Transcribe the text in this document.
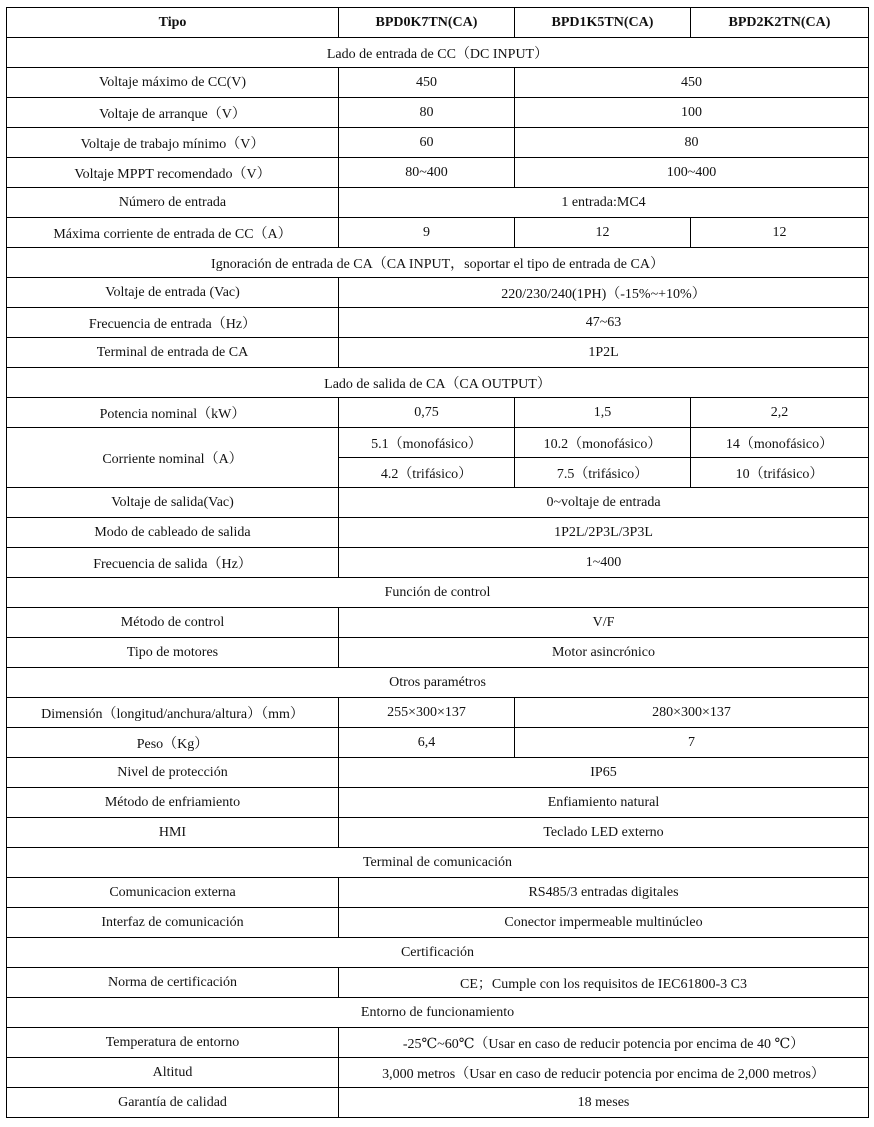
Tipo	BPD0K7TN(CA)	BPD1K5TN(CA)	BPD2K2TN(CA)
Lado de entrada de CC（DC INPUT）			
Voltaje máximo de CC(V)	450	450	
Voltaje de arranque（V）	80	100	
Voltaje de trabajo mínimo（V）	60	80	
Voltaje MPPT recomendado（V）	80~400	100~400	
Número de entrada	1 entrada:MC4		
Máxima corriente de entrada de CC（A）	9	12	12
Ignoración de entrada de CA（CA INPUT，soportar el tipo de entrada de CA）			
Voltaje de entrada (Vac)	220/230/240(1PH)（-15%~+10%）		
Frecuencia de entrada（Hz）	47~63		
Terminal de entrada de CA	1P2L		
Lado de salida de CA（CA OUTPUT）			
Potencia nominal（kW）	0,75	1,5	2,2
Corriente nominal（A）	5.1（monofásico）	10.2（monofásico）	14（monofásico）
	4.2（trifásico）	7.5（trifásico）	10（trifásico）
Voltaje de salida(Vac)	0~voltaje de entrada		
Modo de cableado de salida	1P2L/2P3L/3P3L		
Frecuencia de salida（Hz）	1~400		
Función de control			
Método de control	V/F		
Tipo de motores	Motor asincrónico		
Otros paramétros			
Dimensión（longitud/anchura/altura）（mm）	255×300×137	280×300×137	
Peso（Kg）	6,4	7	
Nivel de protección	IP65		
Método de enfriamiento	Enfiamiento natural		
HMI	Teclado LED externo		
Terminal de comunicación			
Comunicacion externa	RS485/3 entradas digitales		
Interfaz de comunicación	Conector impermeable multinúcleo		
Certificación			
Norma de certificación	CE；Cumple con los requisitos de IEC61800-3 C3		
Entorno de funcionamiento			
Temperatura de entorno	-25℃~60℃（Usar en caso de reducir potencia por encima de 40 ℃）		
Altitud	3,000 metros（Usar en caso de reducir potencia por encima de 2,000 metros）		
Garantía de calidad	18 meses		
